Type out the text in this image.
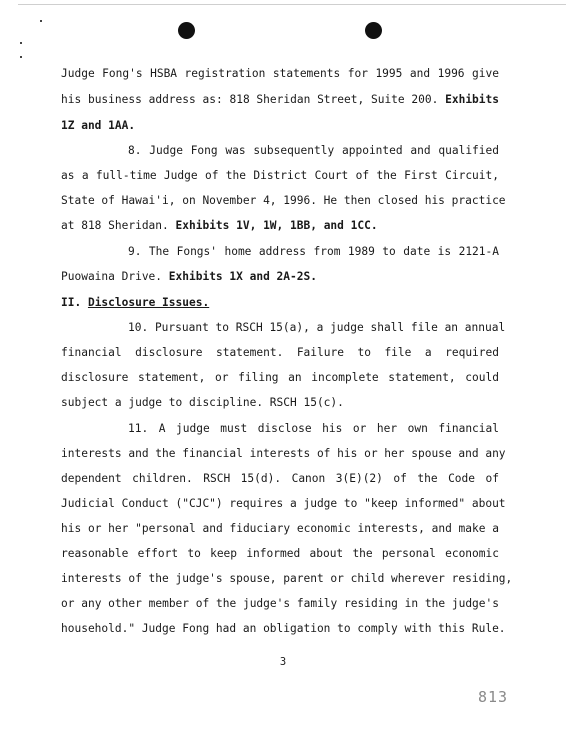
Judge Fong's HSBA registration statements for 1995 and 1996 give
his business address as: 818 Sheridan Street, Suite 200. Exhibits
1Z and 1AA.
8. Judge Fong was subsequently appointed and qualified
as a full-time Judge of the District Court of the First Circuit,
State of Hawai'i, on November 4, 1996. He then closed his practice
at 818 Sheridan. Exhibits 1V, 1W, 1BB, and 1CC.
9. The Fongs' home address from 1989 to date is 2121-A
Puowaina Drive. Exhibits 1X and 2A-2S.
II. Disclosure Issues.
10. Pursuant to RSCH 15(a), a judge shall file an annual
financial disclosure statement. Failure to file a required
disclosure statement, or filing an incomplete statement, could
subject a judge to discipline. RSCH 15(c).
11. A judge must disclose his or her own financial
interests and the financial interests of his or her spouse and any
dependent children. RSCH 15(d). Canon 3(E)(2) of the Code of
Judicial Conduct ("CJC") requires a judge to "keep informed" about
his or her "personal and fiduciary economic interests, and make a
reasonable effort to keep informed about the personal economic
interests of the judge's spouse, parent or child wherever residing,
or any other member of the judge's family residing in the judge's
household." Judge Fong had an obligation to comply with this Rule.
3
813
